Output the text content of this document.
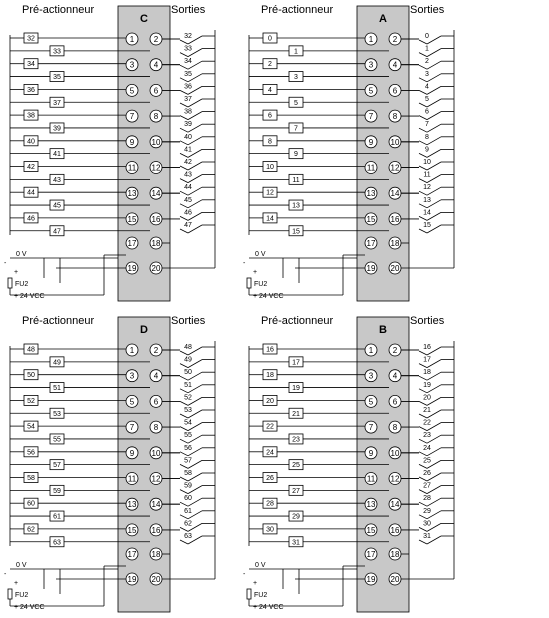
Pré-actionneur	Sorties
C
32
33
34
35
36
37
38
39
40
41
42
43
44
45
46
47
1 2	32
33
3 4	34
35
5 6	36
37
7 8	38
39
9 10
40
41
11 12
42
43
13 14
44
45
15 16
46
47
17 18
19 20
0 V
-
+
FU2
+ 24 VCC
Pré-actionneur	Sorties
A
0
1
2
3
4
5
6
7
8
9
10
11
12
13
14
15
1 2	0
1
3 4	2
3
5 6	4
5
7 8	6
7
9 10
8
9
11 12
10
11
13 14
12
13
15 16
14
15
17 18
19 20
0 V
-
+
FU2
+ 24 VCC
Pré-actionneur	Sorties
D
48
49
50
51
52
53
54
55
56
57
58
59
60
61
62
63
1 2	48
49
3 4	50
51
5 6	52
53
7 8	54
55
9 10
56
57
11 12
58
59
13 14
60
61
15 16
62
63
17 18
19 20
0 V
-
+
FU2
+ 24 VCC
Pré-actionneur	Sorties
B
16
17
18
19
20
21
22
23
24
25
26
27
28
29
30
31
1 2	16
17
3 4	18
19
5 6	20
21
7 8	22
23
9 10
24
25
11 12
26
27
13 14
28
29
15 16
30
31
17 18
19 20
0 V
-
+
FU2
+ 24 VCC
